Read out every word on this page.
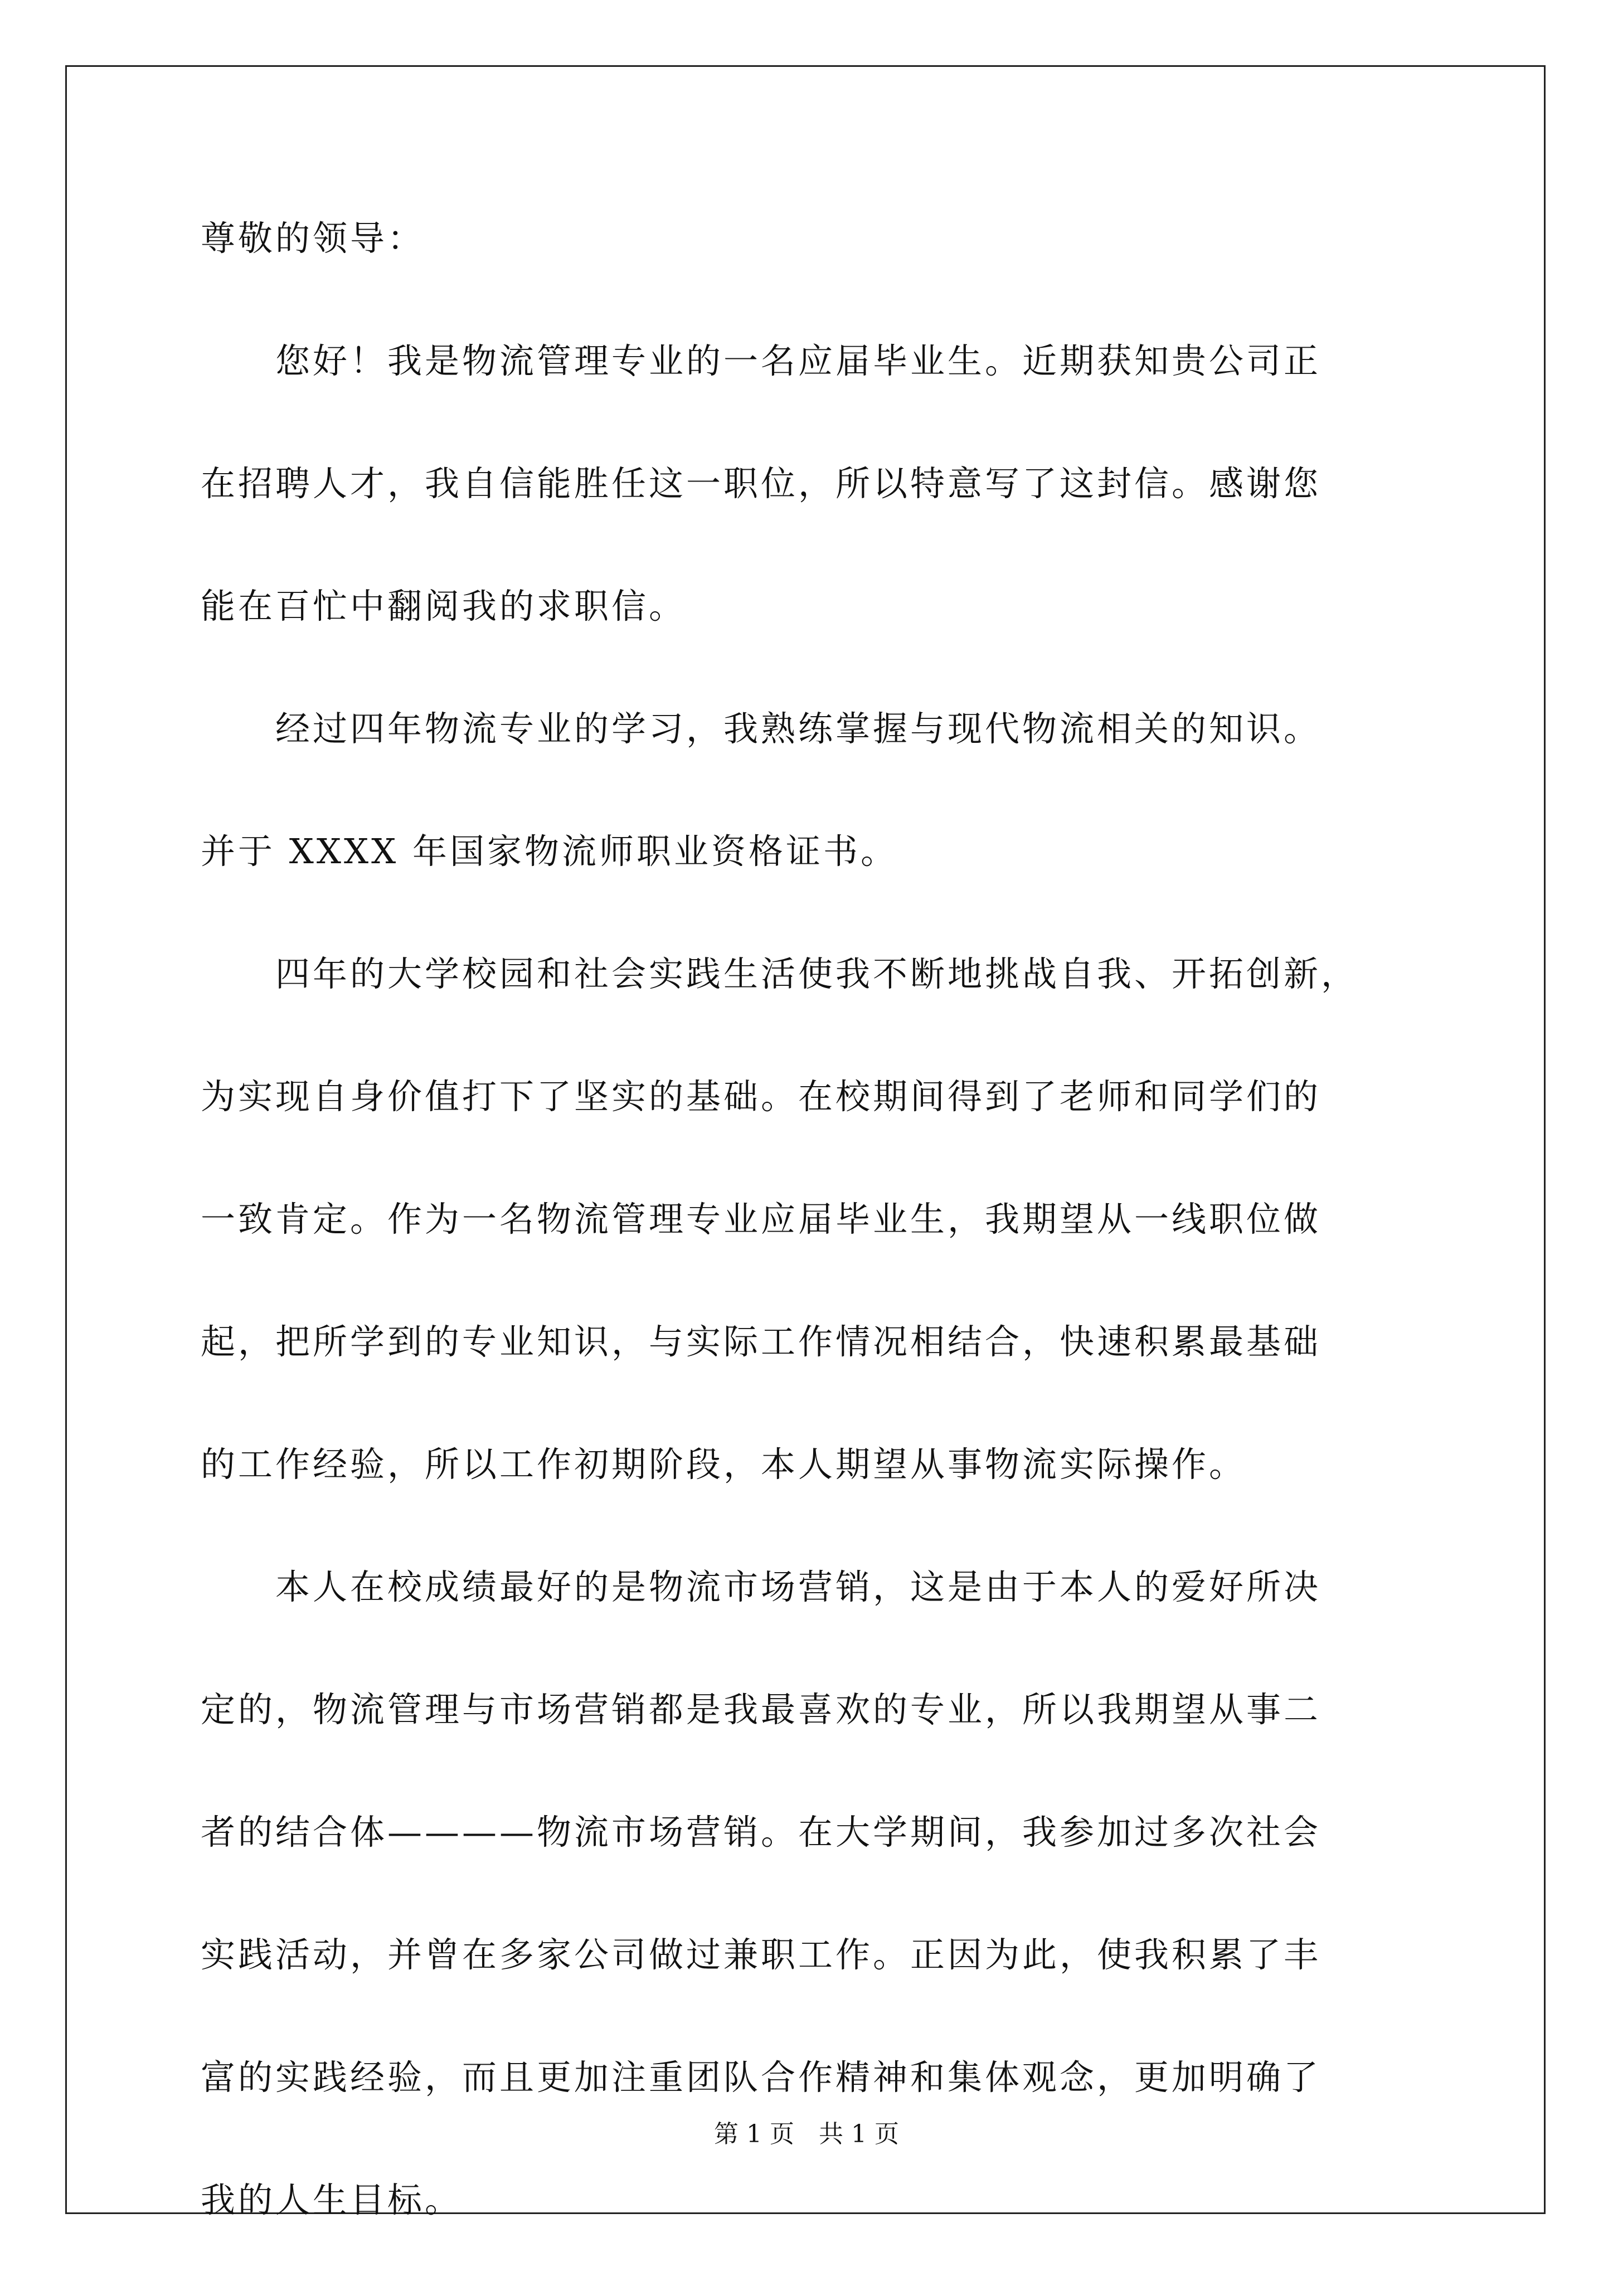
尊敬的领导：
　　您好！我是物流管理专业的一名应届毕业生。近期获知贵公司正
在招聘人才，我自信能胜任这一职位，所以特意写了这封信。感谢您
能在百忙中翻阅我的求职信。
　　经过四年物流专业的学习，我熟练掌握与现代物流相关的知识。
并于 XXXX 年国家物流师职业资格证书。
　　四年的大学校园和社会实践生活使我不断地挑战自我、开拓创新，
为实现自身价值打下了坚实的基础。在校期间得到了老师和同学们的
一致肯定。作为一名物流管理专业应届毕业生，我期望从一线职位做
起，把所学到的专业知识，与实际工作情况相结合，快速积累最基础
的工作经验，所以工作初期阶段，本人期望从事物流实际操作。
　　本人在校成绩最好的是物流市场营销，这是由于本人的爱好所决
定的，物流管理与市场营销都是我最喜欢的专业，所以我期望从事二
者的结合体————物流市场营销。在大学期间，我参加过多次社会
实践活动，并曾在多家公司做过兼职工作。正因为此，使我积累了丰
富的实践经验，而且更加注重团队合作精神和集体观念，更加明确了
我的人生目标。
第 1 页　共 1 页
